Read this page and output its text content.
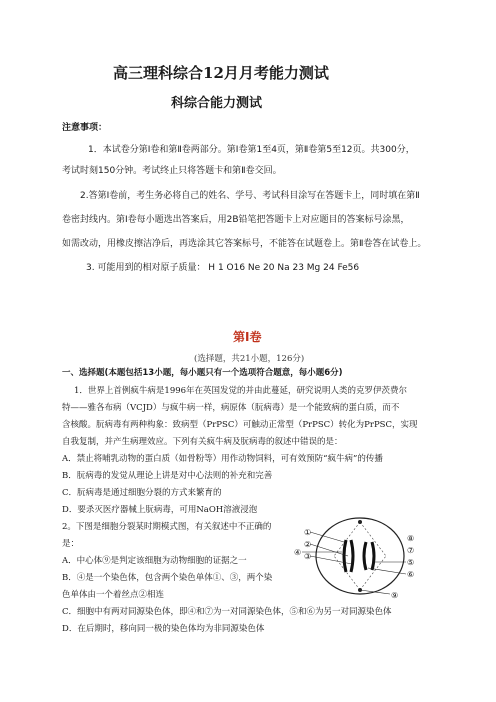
高三理科综合12月月考能力测试
科综合能力测试
注意事项：
1．本试卷分第Ⅰ卷和第Ⅱ卷两部分。第Ⅰ卷第1至4页，第Ⅱ卷第5至12页。共300分，
考试时刻150分钟。考试终止只将答题卡和第Ⅱ卷交回。
2.答第Ⅰ卷前，考生务必将自己的姓名、学号、考试科目涂写在答题卡上，同时填在第Ⅱ
卷密封线内。第Ⅰ卷每小题选出答案后，用2B铅笔把答题卡上对应题目的答案标号涂黑，
如需改动，用橡皮擦洁净后，再选涂其它答案标号，不能答在试题卷上。第Ⅱ卷答在试卷上。
3. 可能用到的相对原子质量： H 1 O16 Ne 20 Na 23 Mg 24 Fe56
第Ⅰ卷
(选择题，共21小题，126分)
一、选择题(本题包括13小题，每小题只有一个选项符合题意，每小题6分)
1．世界上首例疯牛病是1996年在英国发觉的并由此蔓延，研究说明人类的克罗伊茨费尔
特——雅各布病（VCJD）与疯牛病一样，病原体（朊病毒）是一个能致病的蛋白质，而不
含核酸。朊病毒有两种构象：致病型（PrPSC）可触动正常型（PrPSC）转化为PrPSC，实现
自我复制，并产生病理效应。下列有关疯牛病及朊病毒的叙述中错误的是：
A．禁止将哺乳动物的蛋白质（如骨粉等）用作动物饲料，可有效预防“疯牛病”的传播
B．朊病毒的发觉从理论上讲是对中心法则的补充和完善
C．朊病毒是通过细胞分裂的方式来繁育的
D．要杀灭医疗器械上朊病毒，可用NaOH溶液浸泡
2。下图是细胞分裂某时期模式图，有关叙述中不正确的
是：
A．中心体⑨是判定该细胞为动物细胞的证据之一
B．④是一个染色体，包含两个染色单体①、③，两个染
色单体由一个着丝点②相连
C．细胞中有两对同源染色体，即④和⑦为一对同源染色体，⑤和⑥为另一对同源染色体
D．在后期时，移向同一极的染色体均为非同源染色体
①
②
③
④
⑤
⑥
⑦
⑧
⑨
